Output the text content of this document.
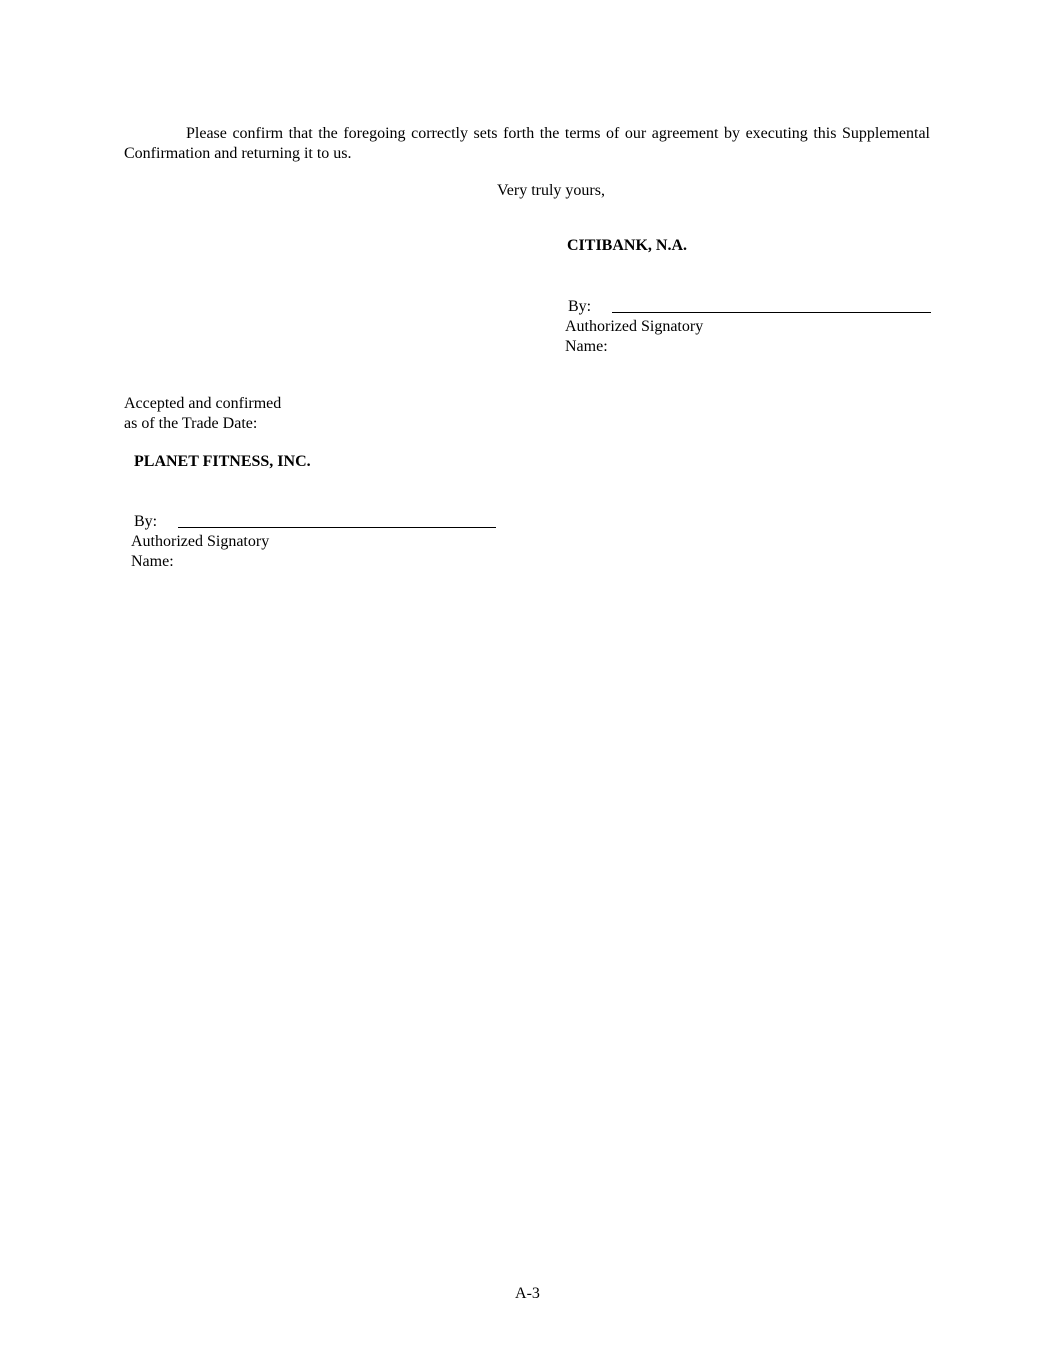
Please confirm that the foregoing correctly sets forth the terms of our agreement by executing this Supplemental Confirmation and returning it to us.

Very truly yours,
CITIBANK, N.A.
By:
Authorized Signatory
Name:
Accepted and confirmed
as of the Trade Date:
PLANET FITNESS, INC.
By:
Authorized Signatory
Name:
A-3
